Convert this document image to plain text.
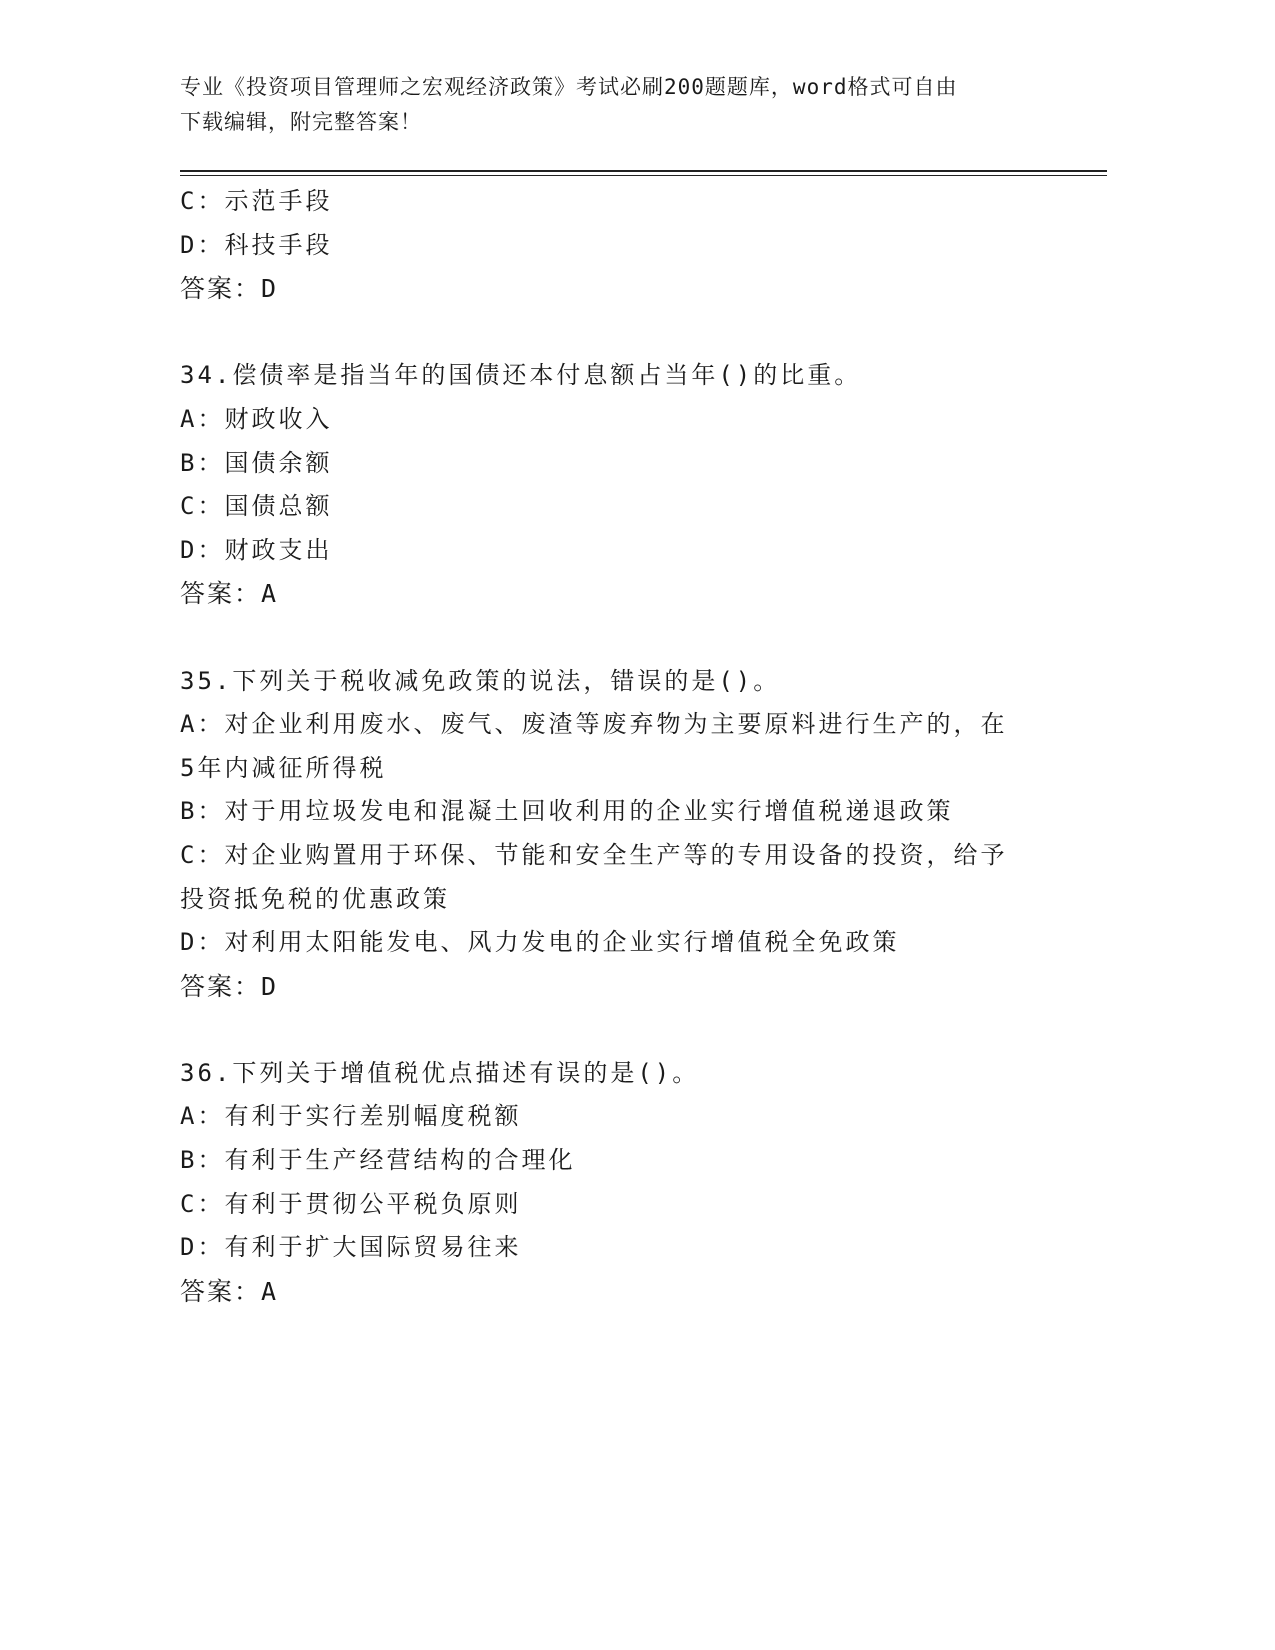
专业《投资项目管理师之宏观经济政策》考试必刷200题题库，word格式可自由
下载编辑，附完整答案！
C：示范手段
D：科技手段
答案：D
34.偿债率是指当年的国债还本付息额占当年()的比重。
A：财政收入
B：国债余额
C：国债总额
D：财政支出
答案：A
35.下列关于税收减免政策的说法，错误的是()。
A：对企业利用废水、废气、废渣等废弃物为主要原料进行生产的，在
5年内减征所得税
B：对于用垃圾发电和混凝土回收利用的企业实行增值税递退政策
C：对企业购置用于环保、节能和安全生产等的专用设备的投资，给予
投资抵免税的优惠政策
D：对利用太阳能发电、风力发电的企业实行增值税全免政策
答案：D
36.下列关于增值税优点描述有误的是()。
A：有利于实行差别幅度税额
B：有利于生产经营结构的合理化
C：有利于贯彻公平税负原则
D：有利于扩大国际贸易往来
答案：A
